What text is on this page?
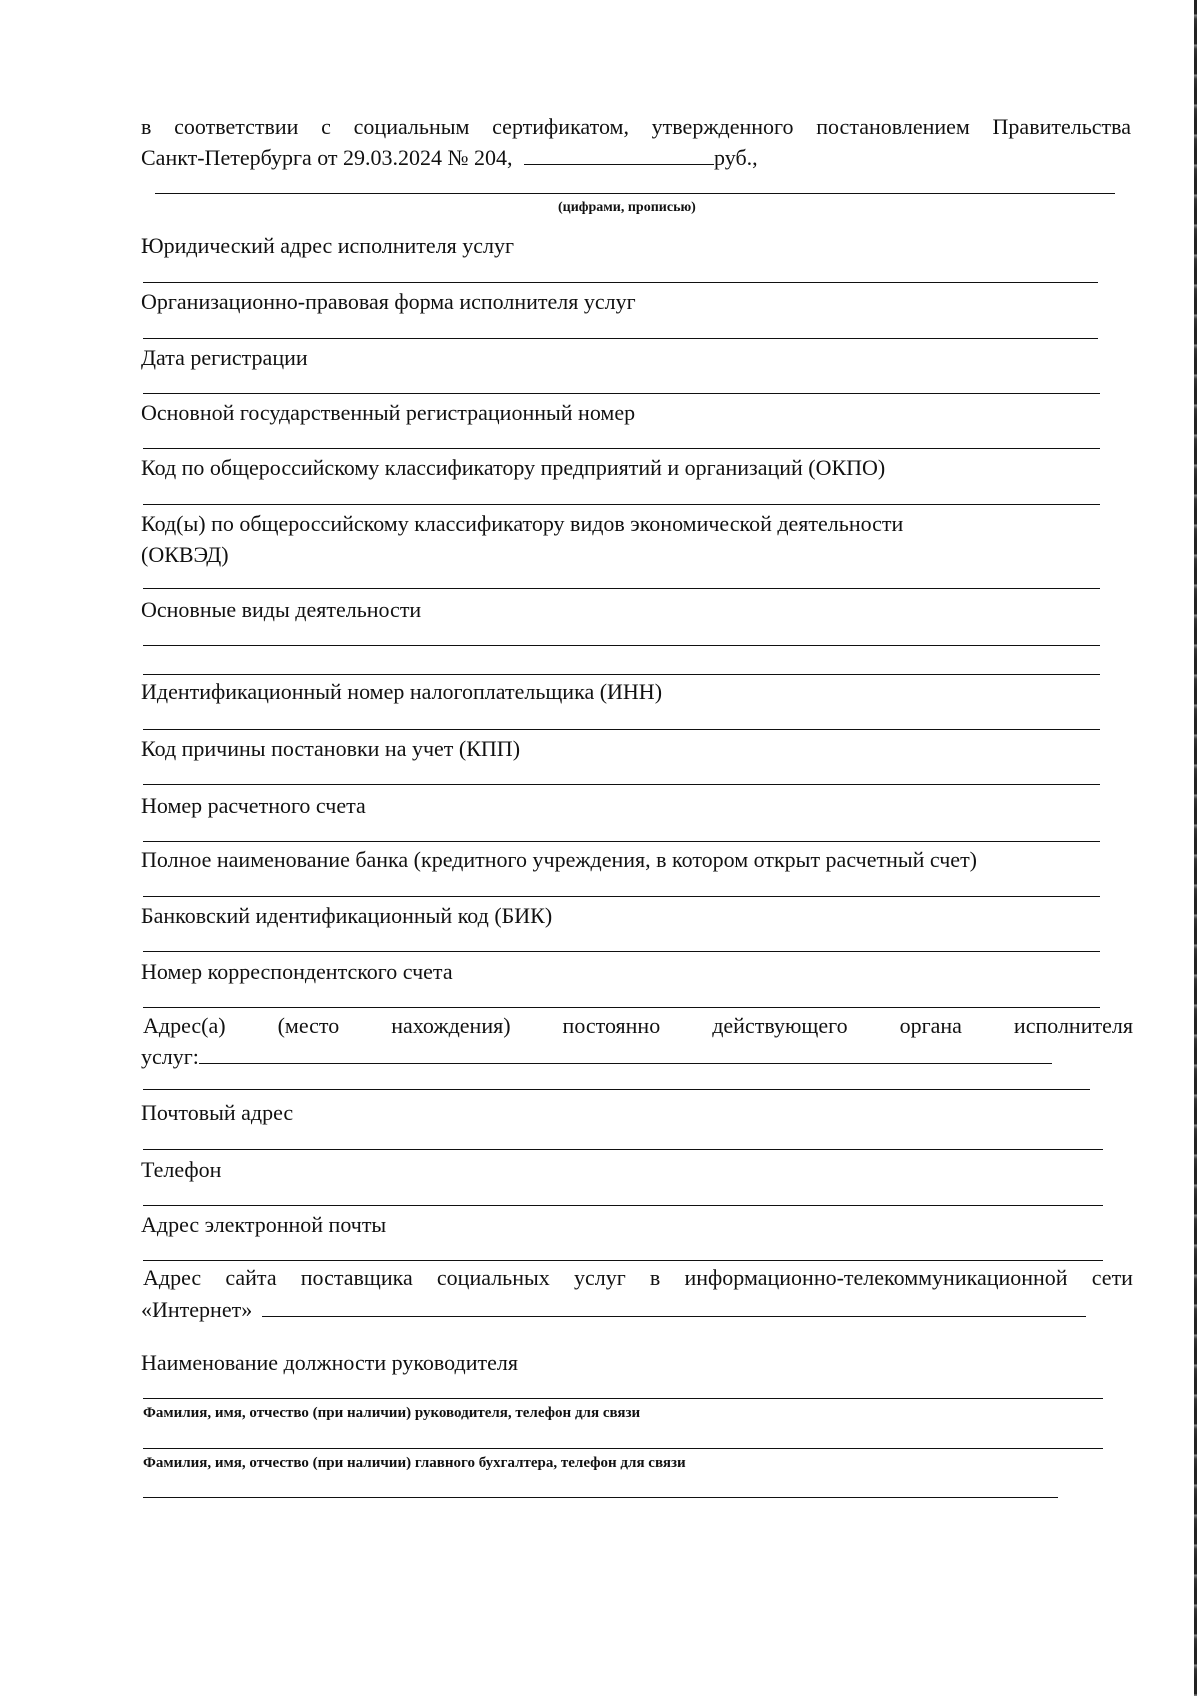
в соответствии с социальным сертификатом, утвержденного постановлением Правительства
Санкт-Петербурга от 29.03.2024 № 204,	руб.,
(цифрами, прописью)
Юридический адрес исполнителя услуг
Организационно-правовая форма исполнителя услуг
Дата регистрации
Основной государственный регистрационный номер
Код по общероссийскому классификатору предприятий и организаций (ОКПО)
Код(ы) по общероссийскому классификатору видов экономической деятельности
(ОКВЭД)
Основные виды деятельности
Идентификационный номер налогоплательщика (ИНН)
Код причины постановки на учет (КПП)
Номер расчетного счета
Полное наименование банка (кредитного учреждения, в котором открыт расчетный счет)
Банковский идентификационный код (БИК)
Номер корреспондентского счета
Адрес(а) (место нахождения) постоянно действующего органа исполнителя
услуг:
Почтовый адрес
Телефон
Адрес электронной почты
Адрес сайта поставщика социальных услуг в информационно-телекоммуникационной сети
«Интернет»
Наименование должности руководителя
Фамилия, имя, отчество (при наличии) руководителя, телефон для связи
Фамилия, имя, отчество (при наличии) главного бухгалтера, телефон для связи
